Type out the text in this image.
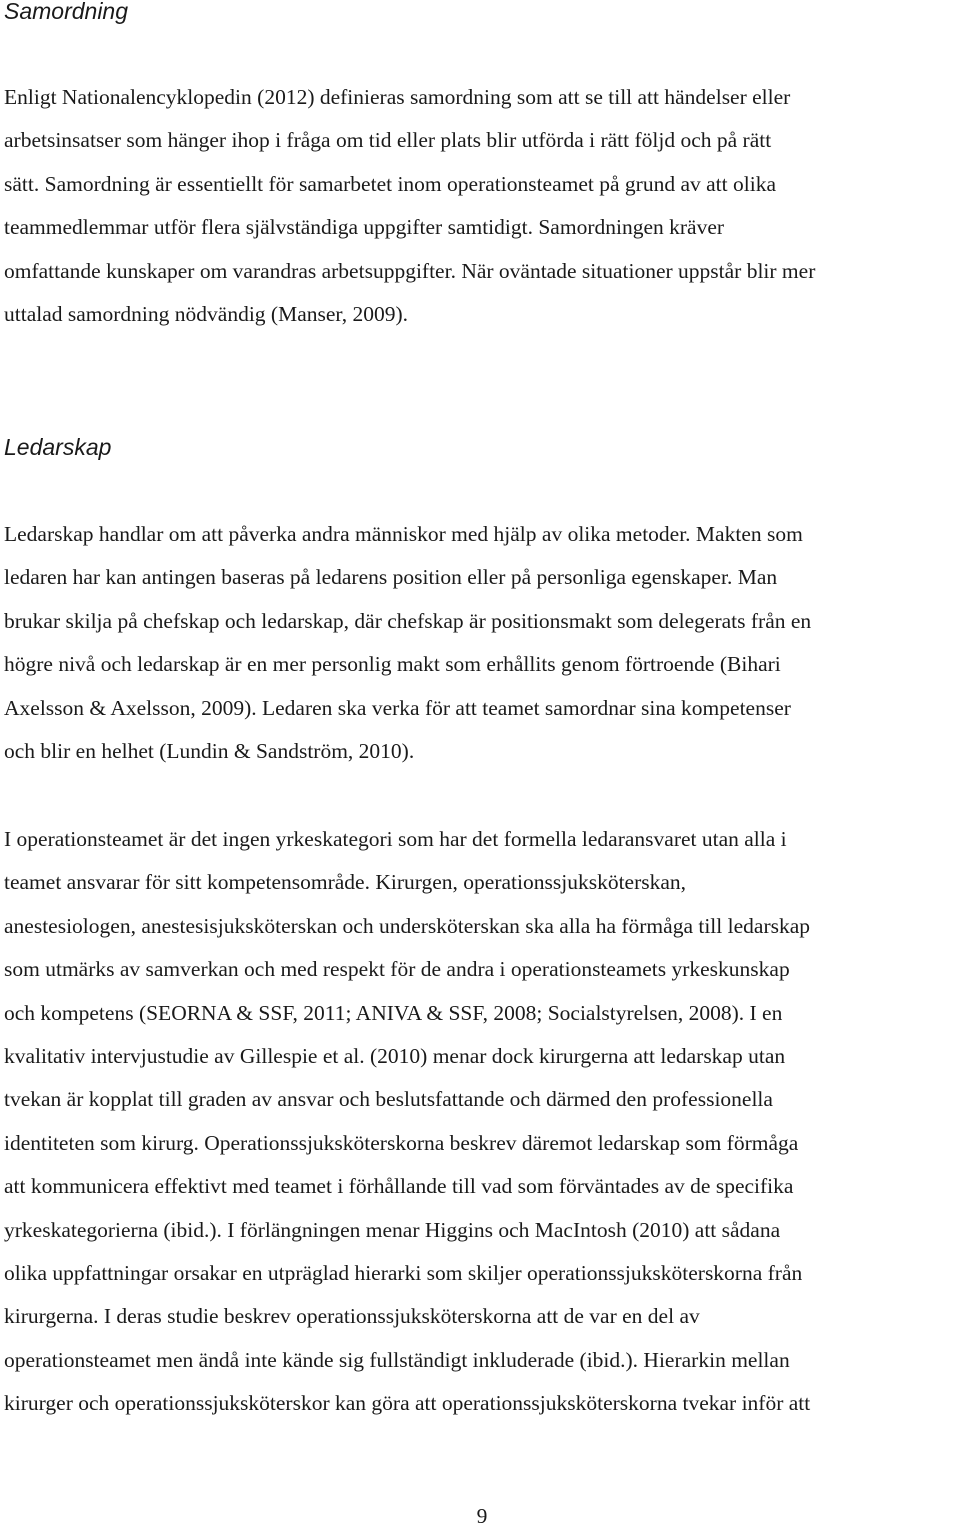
Samordning
Enligt Nationalencyklopedin (2012) definieras samordning som att se till att händelser eller
arbetsinsatser som hänger ihop i fråga om tid eller plats blir utförda i rätt följd och på rätt
sätt. Samordning är essentiellt för samarbetet inom operationsteamet på grund av att olika
teammedlemmar utför flera självständiga uppgifter samtidigt. Samordningen kräver
omfattande kunskaper om varandras arbetsuppgifter. När oväntade situationer uppstår blir mer
uttalad samordning nödvändig (Manser, 2009).
Ledarskap
Ledarskap handlar om att påverka andra människor med hjälp av olika metoder. Makten som
ledaren har kan antingen baseras på ledarens position eller på personliga egenskaper. Man
brukar skilja på chefskap och ledarskap, där chefskap är positionsmakt som delegerats från en
högre nivå och ledarskap är en mer personlig makt som erhållits genom förtroende (Bihari
Axelsson & Axelsson, 2009). Ledaren ska verka för att teamet samordnar sina kompetenser
och blir en helhet (Lundin & Sandström, 2010).
I operationsteamet är det ingen yrkeskategori som har det formella ledaransvaret utan alla i
teamet ansvarar för sitt kompetensområde. Kirurgen, operationssjuksköterskan,
anestesiologen, anestesisjuksköterskan och undersköterskan ska alla ha förmåga till ledarskap
som utmärks av samverkan och med respekt för de andra i operationsteamets yrkeskunskap
och kompetens (SEORNA & SSF, 2011; ANIVA & SSF, 2008; Socialstyrelsen, 2008). I en
kvalitativ intervjustudie av Gillespie et al. (2010) menar dock kirurgerna att ledarskap utan
tvekan är kopplat till graden av ansvar och beslutsfattande och därmed den professionella
identiteten som kirurg. Operationssjuksköterskorna beskrev däremot ledarskap som förmåga
att kommunicera effektivt med teamet i förhållande till vad som förväntades av de specifika
yrkeskategorierna (ibid.). I förlängningen menar Higgins och MacIntosh (2010) att sådana
olika uppfattningar orsakar en utpräglad hierarki som skiljer operationssjuksköterskorna från
kirurgerna. I deras studie beskrev operationssjuksköterskorna att de var en del av
operationsteamet men ändå inte kände sig fullständigt inkluderade (ibid.). Hierarkin mellan
kirurger och operationssjuksköterskor kan göra att operationssjuksköterskorna tvekar inför att
9
